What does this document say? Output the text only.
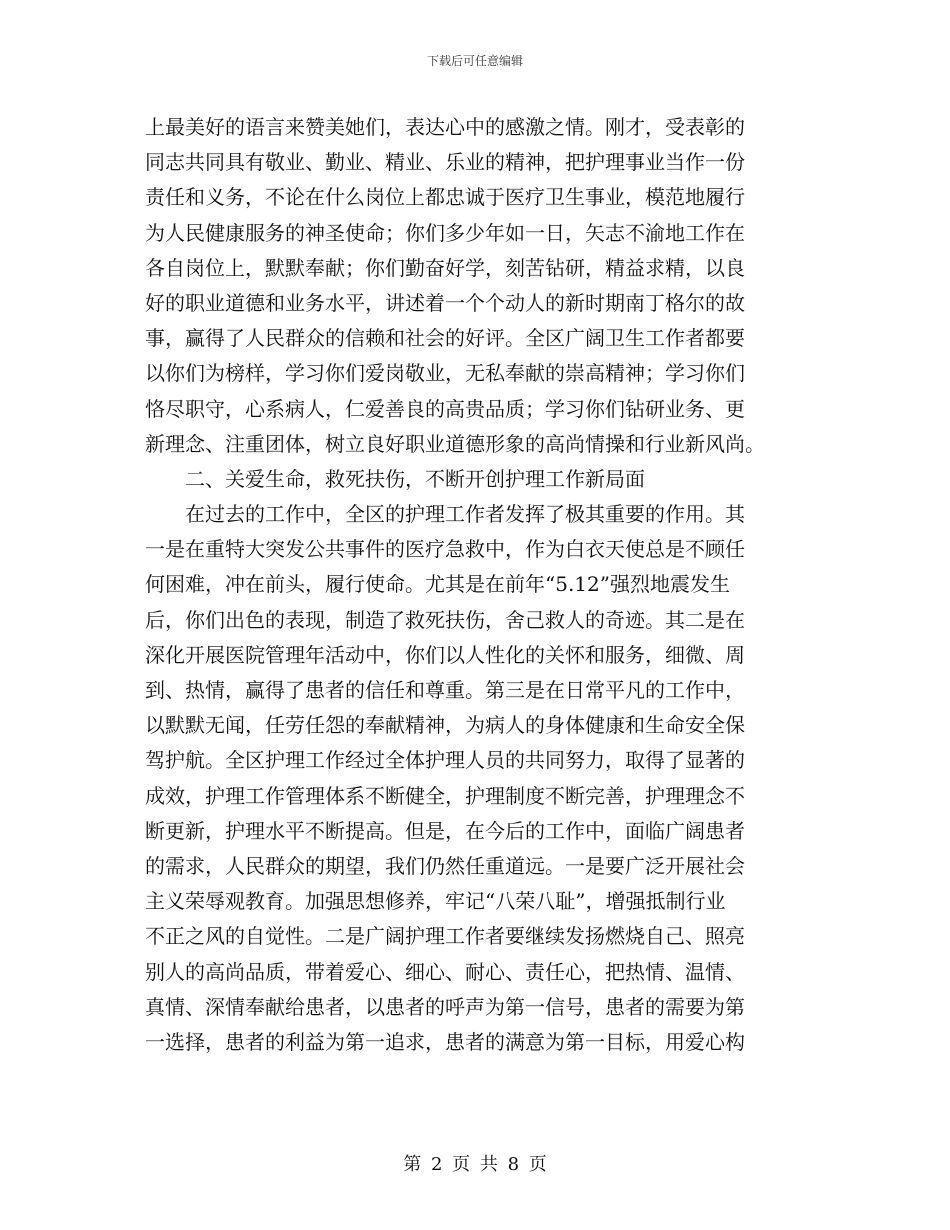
下载后可任意编辑
上最美好的语言来赞美她们，表达心中的感激之情。刚才，受表彰的
同志共同具有敬业、勤业、精业、乐业的精神，把护理事业当作一份
责任和义务，不论在什么岗位上都忠诚于医疗卫生事业，模范地履行
为人民健康服务的神圣使命；你们多少年如一日，矢志不渝地工作在
各自岗位上，默默奉献；你们勤奋好学，刻苦钻研，精益求精，以良
好的职业道德和业务水平，讲述着一个个动人的新时期南丁格尔的故
事，赢得了人民群众的信赖和社会的好评。全区广阔卫生工作者都要
以你们为榜样，学习你们爱岗敬业，无私奉献的崇高精神；学习你们
恪尽职守，心系病人，仁爱善良的高贵品质；学习你们钻研业务、更
新理念、注重团体，树立良好职业道德形象的高尚情操和行业新风尚。
二、关爱生命，救死扶伤，不断开创护理工作新局面
在过去的工作中，全区的护理工作者发挥了极其重要的作用。其
一是在重特大突发公共事件的医疗急救中，作为白衣天使总是不顾任
何困难，冲在前头，履行使命。尤其是在前年“5.12”强烈地震发生
后，你们出色的表现，制造了救死扶伤，舍己救人的奇迹。其二是在
深化开展医院管理年活动中，你们以人性化的关怀和服务，细微、周
到、热情，赢得了患者的信任和尊重。第三是在日常平凡的工作中，
以默默无闻，任劳任怨的奉献精神，为病人的身体健康和生命安全保
驾护航。全区护理工作经过全体护理人员的共同努力，取得了显著的
成效，护理工作管理体系不断健全，护理制度不断完善，护理理念不
断更新，护理水平不断提高。但是，在今后的工作中，面临广阔患者
的需求，人民群众的期望，我们仍然任重道远。一是要广泛开展社会
主义荣辱观教育。加强思想修养，牢记“八荣八耻”，增强抵制行业
不正之风的自觉性。二是广阔护理工作者要继续发扬燃烧自己、照亮
别人的高尚品质，带着爱心、细心、耐心、责任心，把热情、温情、
真情、深情奉献给患者，以患者的呼声为第一信号，患者的需要为第
一选择，患者的利益为第一追求，患者的满意为第一目标，用爱心构
第 2 页 共 8 页
